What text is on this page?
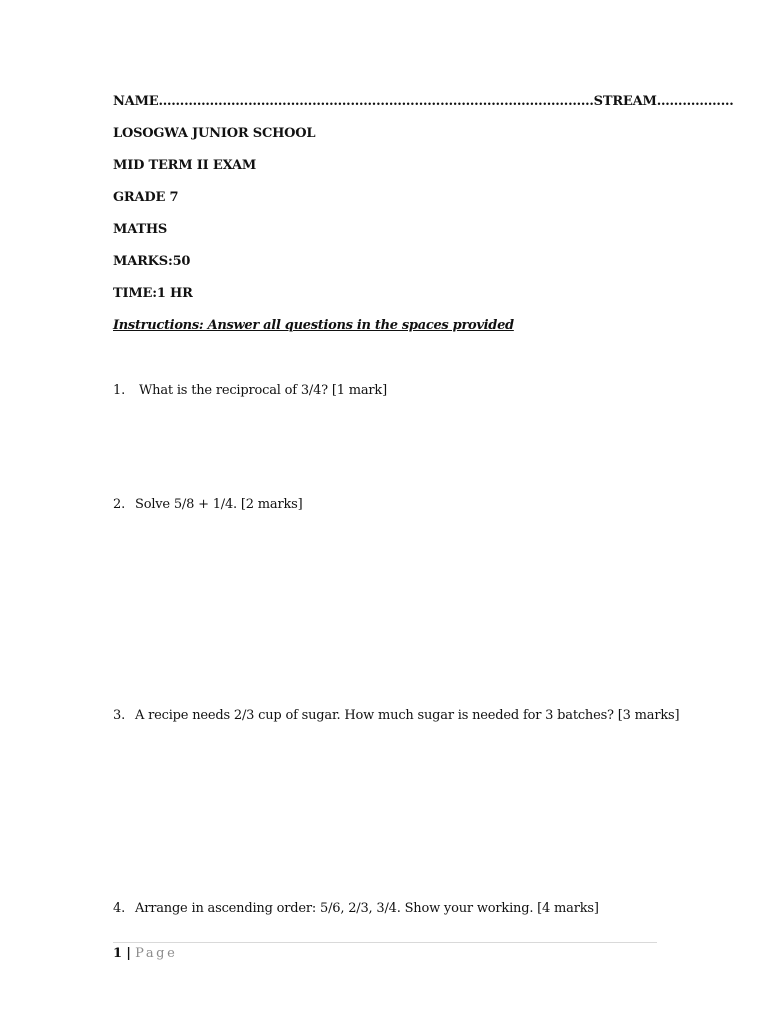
NAME…………………………………………………………………………………………STREAM………………

LOSOGWA JUNIOR SCHOOL

MID TERM II EXAM

GRADE 7

MATHS

MARKS:50

TIME:1 HR

Instructions: Answer all questions in the spaces provided

1. What is the reciprocal of 3/4? [1 mark]

2. Solve 5/8 + 1/4. [2 marks]

3. A recipe needs 2/3 cup of sugar. How much sugar is needed for 3 batches? [3 marks]

4. Arrange in ascending order: 5/6, 2/3, 3/4. Show your working. [4 marks]

1 | Page
